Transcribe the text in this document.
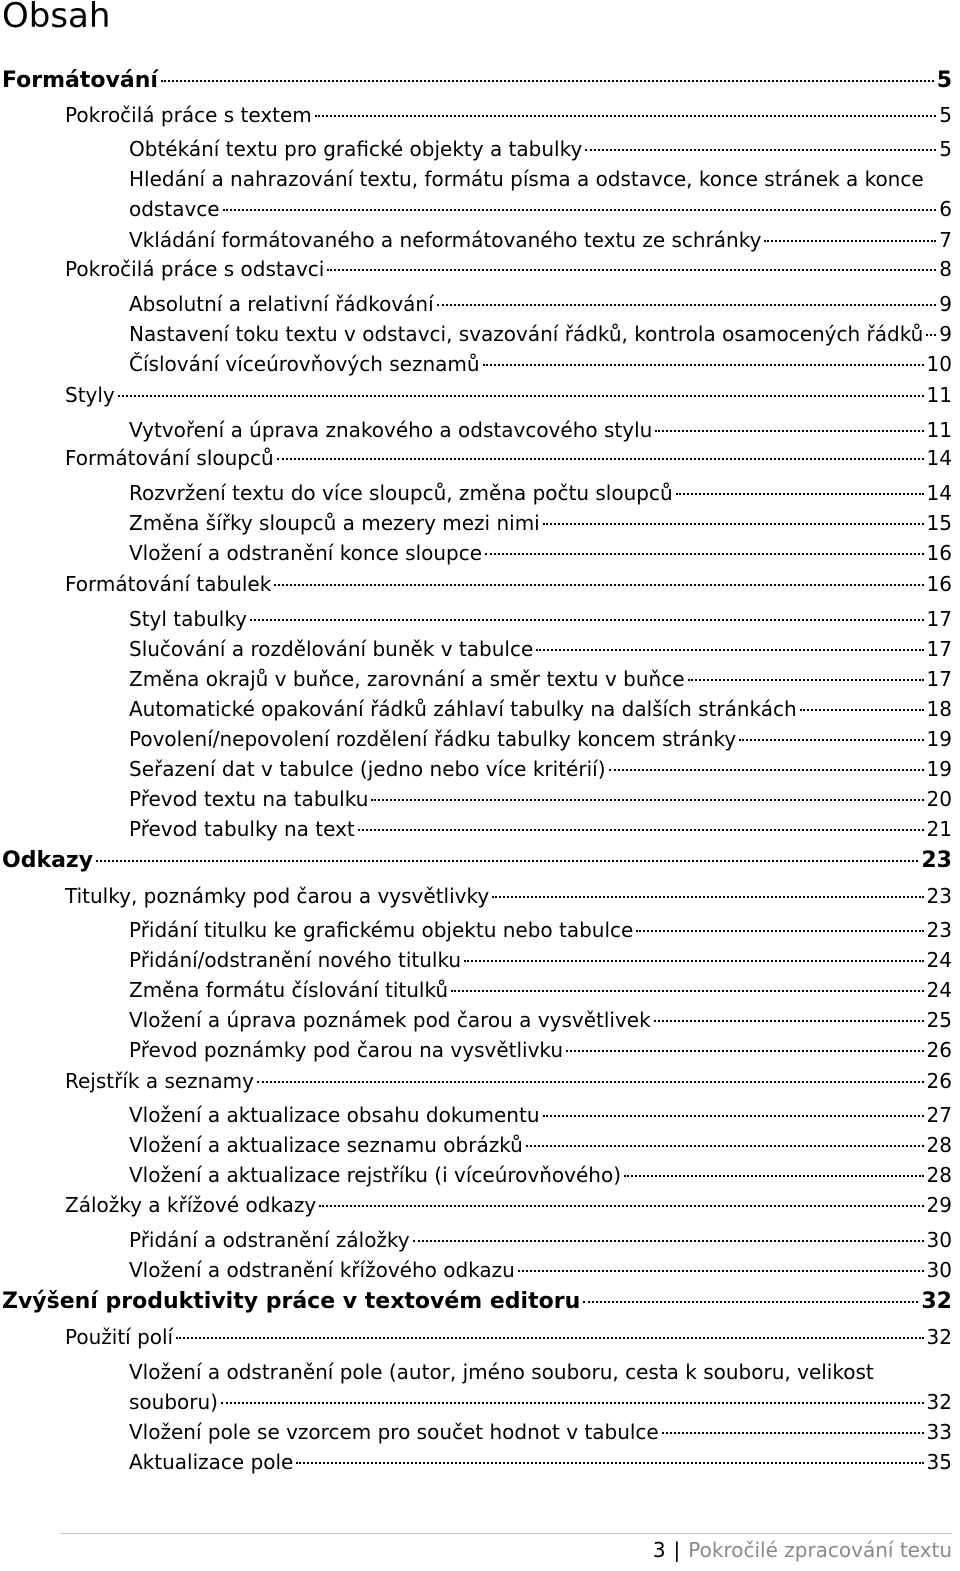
Obsah
Formátování	5
Pokročilá práce s textem	5
Obtékání textu pro grafické objekty a tabulky	5
Hledání a nahrazování textu, formátu písma a odstavce, konce stránek a konce
odstavce	6
Vkládání formátovaného a neformátovaného textu ze schránky	7
Pokročilá práce s odstavci	8
Absolutní a relativní řádkování	9
Nastavení toku textu v odstavci, svazování řádků, kontrola osamocených řádků 9
Číslování víceúrovňových seznamů	10
Styly	11
Vytvoření a úprava znakového a odstavcového stylu	11
Formátování sloupců	14
Rozvržení textu do více sloupců, změna počtu sloupců	14
Změna šířky sloupců a mezery mezi nimi	15
Vložení a odstranění konce sloupce	16
Formátování tabulek	16
Styl tabulky	17
Slučování a rozdělování buněk v tabulce	17
Změna okrajů v buňce, zarovnání a směr textu v buňce	17
Automatické opakování řádků záhlaví tabulky na dalších stránkách	18
Povolení/nepovolení rozdělení řádku tabulky koncem stránky	19
Seřazení dat v tabulce (jedno nebo více kritérií)	19
Převod textu na tabulku	20
Převod tabulky na text	21
Odkazy	23
Titulky, poznámky pod čarou a vysvětlivky	23
Přidání titulku ke grafickému objektu nebo tabulce	23
Přidání/odstranění nového titulku	24
Změna formátu číslování titulků	24
Vložení a úprava poznámek pod čarou a vysvětlivek	25
Převod poznámky pod čarou na vysvětlivku	26
Rejstřík a seznamy	26
Vložení a aktualizace obsahu dokumentu	27
Vložení a aktualizace seznamu obrázků	28
Vložení a aktualizace rejstříku (i víceúrovňového)	28
Záložky a křížové odkazy	29
Přidání a odstranění záložky	30
Vložení a odstranění křížového odkazu	30
Zvýšení produktivity práce v textovém editoru	32
Použití polí	32
Vložení a odstranění pole (autor, jméno souboru, cesta k souboru, velikost
souboru)	32
Vložení pole se vzorcem pro součet hodnot v tabulce	33
Aktualizace pole	35
3 | Pokročilé zpracování textu
